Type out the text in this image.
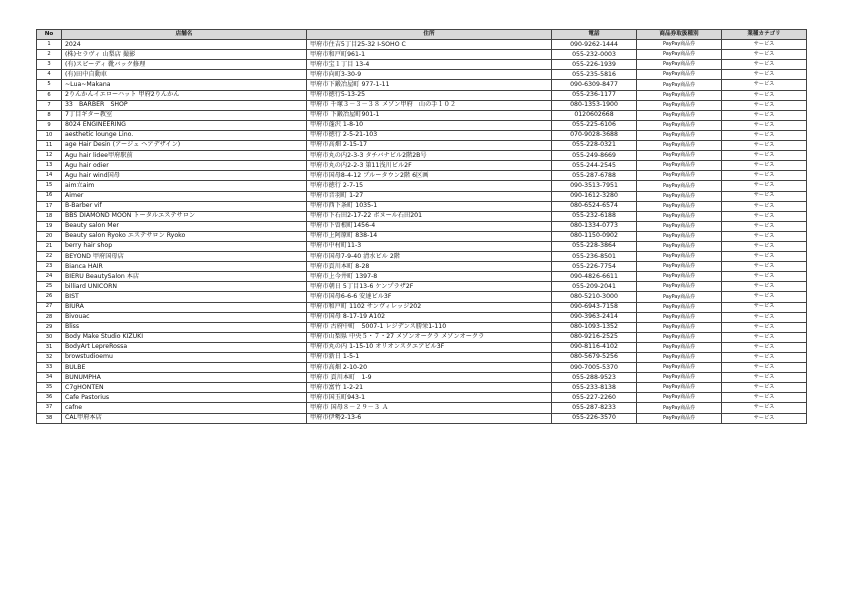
No	店舗名	住所	電話	商品券取扱種別	業種カテゴリ
1	2024	甲府市住吉5丁目25-32 I-SOHO C	090-9262-1444	PayPay商品券	サービス
2	(株)セラヴィ 山梨店 撮影	甲府市和戸町961-1	055-232-0003	PayPay商品券	サービス
3	(有)スピーディ 靴バック修理	甲府市宝１丁目 13-4	055-226-1939	PayPay商品券	サービス
4	(有)田中自動車	甲府市向町3-30-9	055-235-5816	PayPay商品券	サービス
5	~Lua~Makana	甲府市下鍛冶屋町 977-1-11	090-6309-8477	PayPay商品券	サービス
6	2りんかんイエローハット 甲府2りんかん	甲府市徳行5-13-25	055-236-1177	PayPay商品券	サービス
7	33　BARBER　SHOP	甲府市 千塚３－３－３８ メゾン甲府　山の手１０２	080-1353-1900	PayPay商品券	サービス
8	7丁目ギター教室	甲府市 下鍛冶屋町901-1	0120602668	PayPay商品券	サービス
9	8024 ENGINEERING	甲府市蓬沢 1-8-10	055-225-6106	PayPay商品券	サービス
10	aesthetic lounge Lino.	甲府市徳行 2-5-21-103	070-9028-3688	PayPay商品券	サービス
11	age Hair Desin (アージュ ヘアデザイン)	甲府市高畑 2-15-17	055-228-0321	PayPay商品券	サービス
12	Agu hair lidee甲府駅前	甲府市丸の内2-3-3 タチバナビル2階2B号	055-249-8669	PayPay商品券	サービス
13	Agu hair odier	甲府市丸の内2-2-3 第11浅川ビル2F	055-244-2545	PayPay商品券	サービス
14	Agu hair wind国母	甲府市国母8-4-12 ブルータウン2階 6区画	055-287-6788	PayPay商品券	サービス
15	aim立aim	甲府市徳行 2-7-15	090-3513-7951	PayPay商品券	サービス
16	Aimer	甲府市音羽町 1-27	090-1612-3280	PayPay商品券	サービス
17	B-Barber vif	甲府市西下条町 1035-1	080-6524-6574	PayPay商品券	サービス
18	BBS DIAMOND MOON トータルエステサロン	甲府市下石田2-17-22 ボヌール石田201	055-232-6188	PayPay商品券	サービス
19	Beauty salon Mer	甲府市下曽根町1456-4	080-1334-0773	PayPay商品券	サービス
20	Beauty salon Ryoko エステサロン Ryoko	甲府市上阿原町 838-14	080-1150-0902	PayPay商品券	サービス
21	berry hair shop	甲府市中村町11-3	055-228-3864	PayPay商品券	サービス
22	BEYOND 甲府国母店	甲府市国母7-9-40 清水ビル 2階	055-236-8501	PayPay商品券	サービス
23	Bianca HAIR	甲府市貢川本町 8-28	055-226-7754	PayPay商品券	サービス
24	BIERU BeautySalon 本店	甲府市上今井町 1397-8	090-4826-6611	PayPay商品券	サービス
25	billiard UNICORN	甲府市朝日 5丁目13-6 ケンプラザ2F	055-209-2041	PayPay商品券	サービス
26	BIST	甲府市国母6-6-6 安達ビル3F	080-5210-3000	PayPay商品券	サービス
27	BIURA	甲府市和戸町 1102 サンヴィレッジ202	090-6943-7158	PayPay商品券	サービス
28	Bivouac	甲府市国母 8-17-19 A102	090-3963-2414	PayPay商品券	サービス
29	Bliss	甲府市 古府中町　5007-1 レジデンス勝栄1-110	080-1093-1352	PayPay商品券	サービス
30	Body Make Studio KIZUKI	甲府市山梨県 中央５・７・27 メゾンオークラ メゾンオークラ	080-9216-2525	PayPay商品券	サービス
31	BodyArt LepreRossa	甲府市丸の内 1-15-10 オリオンスクエアビル3F	090-8116-4102	PayPay商品券	サービス
32	browstudioemu	甲府市新日 1-5-1	080-5679-5256	PayPay商品券	サービス
33	BULBE	甲府市高畑 2-10-20	090-7005-5370	PayPay商品券	サービス
34	BUNUMPHA	甲府市 貢川本町　1-9	055-288-9523	PayPay商品券	サービス
35	C7gHONTEN	甲府市富竹 1-2-21	055-233-8138	PayPay商品券	サービス
36	Cafe Pastorius	甲府市国玉町943-1	055-227-2260	PayPay商品券	サービス
37	cafne	甲府市 国母８－２９－３ Ａ	055-287-8233	PayPay商品券	サービス
38	CAL甲府本店	甲府市伊勢2-13-6	055-226-3570	PayPay商品券	サービス
